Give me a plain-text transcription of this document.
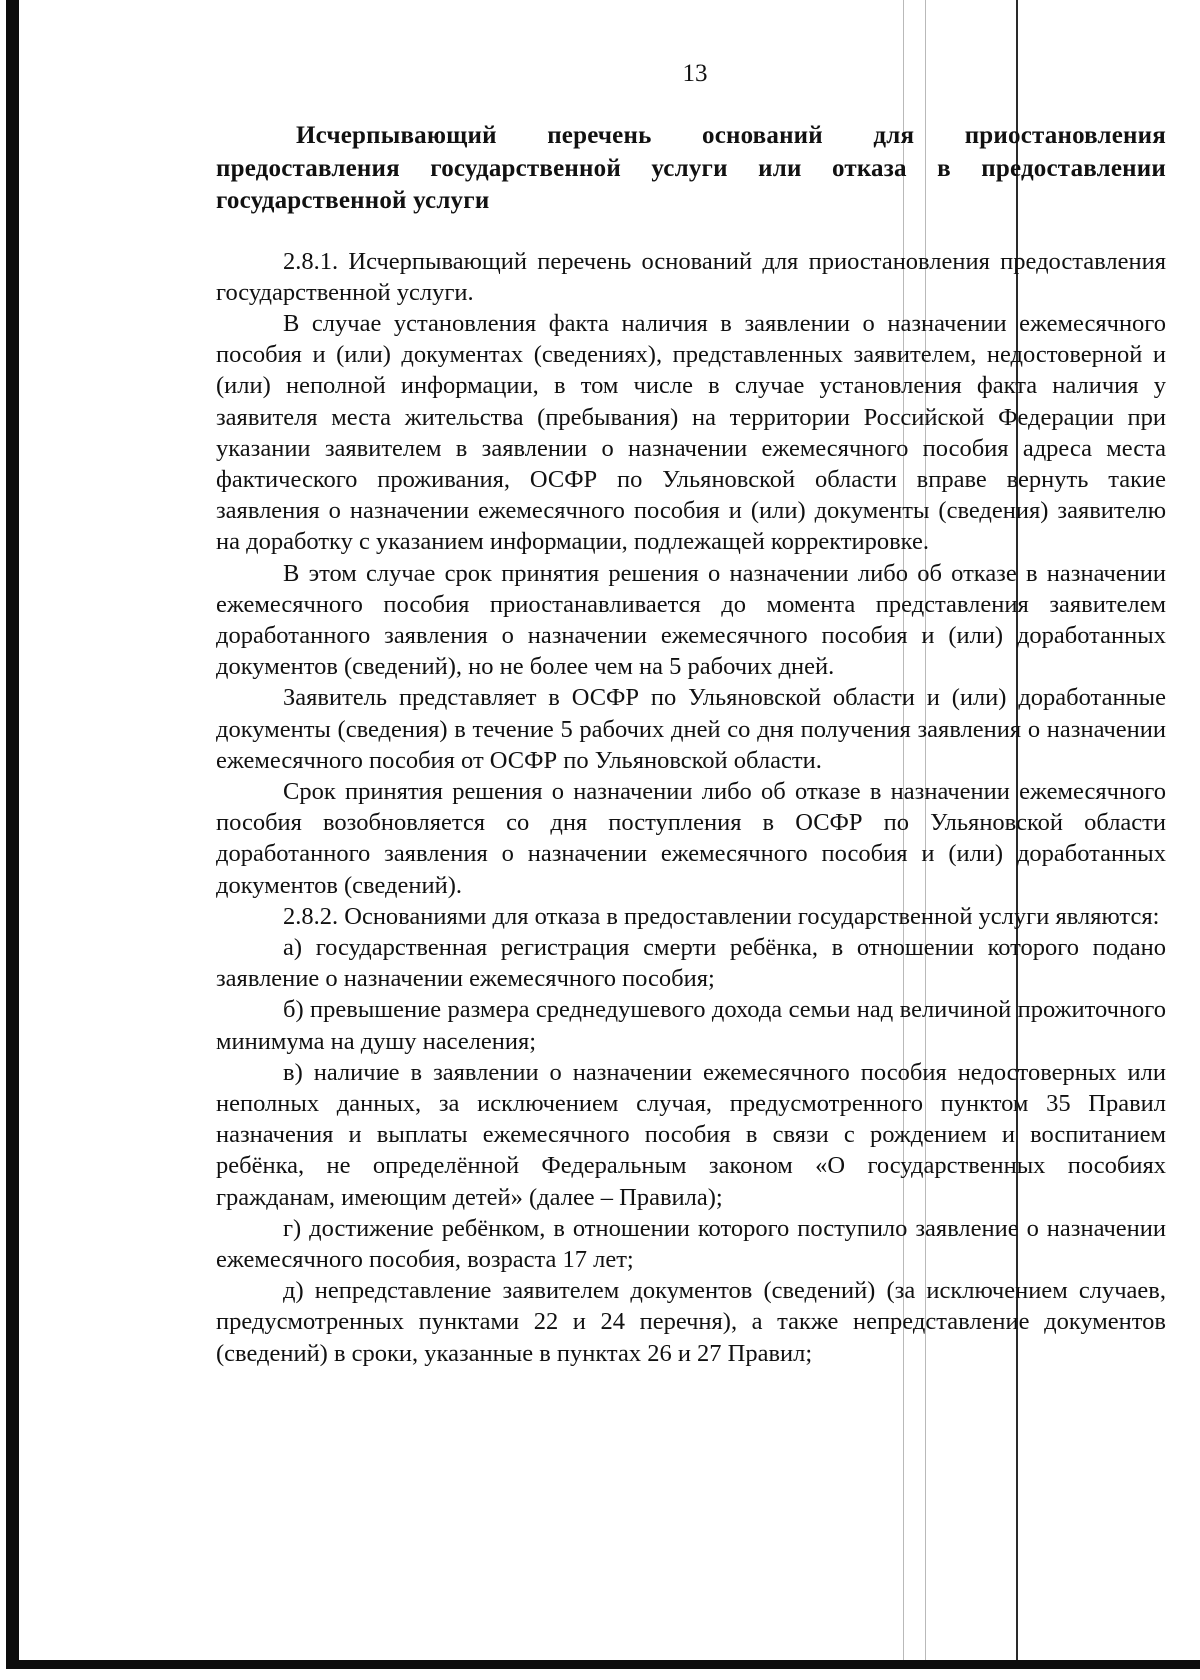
13

Исчерпывающий перечень оснований для приостановления предоставления государственной услуги или отказа в предоставлении государственной услуги

2.8.1. Исчерпывающий перечень оснований для приостановления предоставления государственной услуги.

В случае установления факта наличия в заявлении о назначении ежемесячного пособия и (или) документах (сведениях), представленных заявителем, недостоверной и (или) неполной информации, в том числе в случае установления факта наличия у заявителя места жительства (пребывания) на территории Российской Федерации при указании заявителем в заявлении о назначении ежемесячного пособия адреса места фактического проживания, ОСФР по Ульяновской области вправе вернуть такие заявления о назначении ежемесячного пособия и (или) документы (сведения) заявителю на доработку с указанием информации, подлежащей корректировке.

В этом случае срок принятия решения о назначении либо об отказе в назначении ежемесячного пособия приостанавливается до момента представления заявителем доработанного заявления о назначении ежемесячного пособия и (или) доработанных документов (сведений), но не более чем на 5 рабочих дней.

Заявитель представляет в ОСФР по Ульяновской области и (или) доработанные документы (сведения) в течение 5 рабочих дней со дня получения заявления о назначении ежемесячного пособия от ОСФР по Ульяновской области.

Срок принятия решения о назначении либо об отказе в назначении ежемесячного пособия возобновляется со дня поступления в ОСФР по Ульяновской области доработанного заявления о назначении ежемесячного пособия и (или) доработанных документов (сведений).

2.8.2. Основаниями для отказа в предоставлении государственной услуги являются:

а) государственная регистрация смерти ребёнка, в отношении которого подано заявление о назначении ежемесячного пособия;

б) превышение размера среднедушевого дохода семьи над величиной прожиточного минимума на душу населения;

в) наличие в заявлении о назначении ежемесячного пособия недостоверных или неполных данных, за исключением случая, предусмотренного пунктом 35 Правил назначения и выплаты ежемесячного пособия в связи с рождением и воспитанием ребёнка, не определённой Федеральным законом «О государственных пособиях гражданам, имеющим детей» (далее – Правила);

г) достижение ребёнком, в отношении которого поступило заявление о назначении ежемесячного пособия, возраста 17 лет;

д) непредставление заявителем документов (сведений) (за исключением случаев, предусмотренных пунктами 22 и 24 перечня), а также непредставление документов (сведений) в сроки, указанные в пунктах 26 и 27 Правил;
